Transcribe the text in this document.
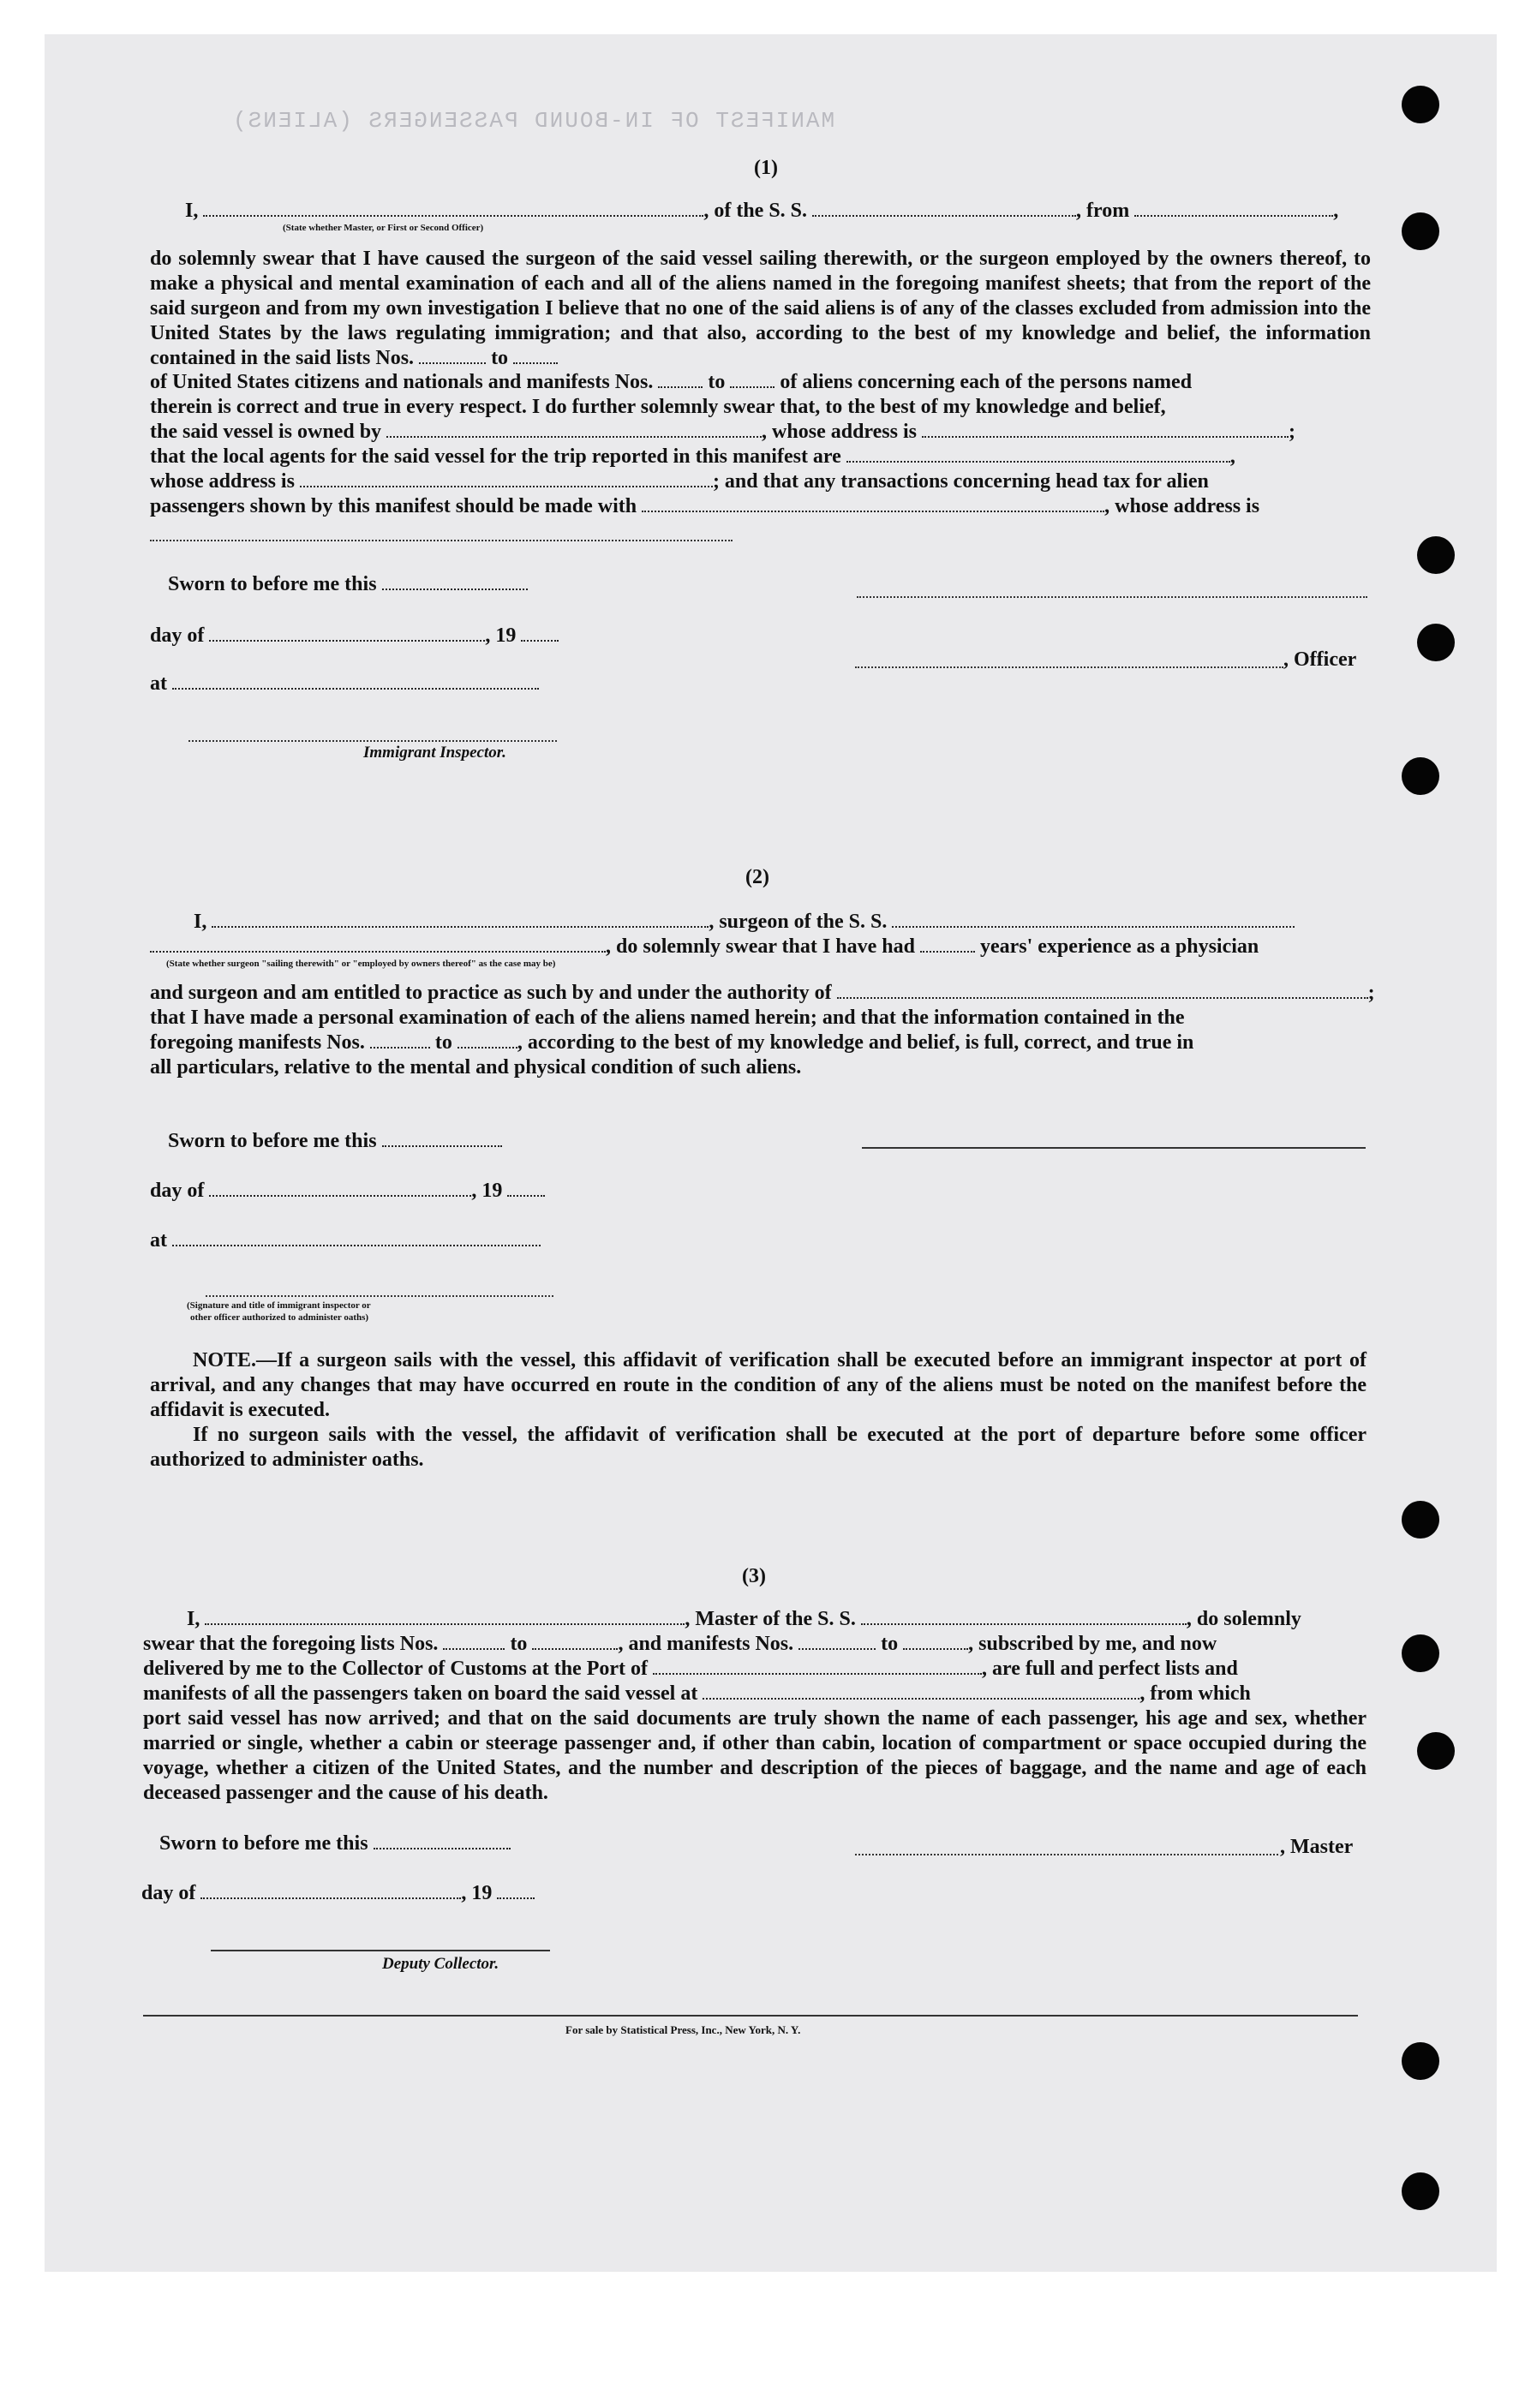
MANIFEST OF IN-BOUND PASSENGERS (ALIENS)
(1)
I,	, of the S. S.	, from	,
(State whether Master, or First or Second Officer)
do solemnly swear that I have caused the surgeon of the said vessel sailing therewith, or the surgeon employed by the owners thereof, to make a physical and mental examination of each and all of the aliens named in the foregoing manifest sheets; that from the report of the said surgeon and from my own investigation I believe that no one of the said aliens is of any of the classes excluded from admission into the United States by the laws regulating immigration; and that also, according to the best of my knowledge and belief, the information contained in the said lists Nos.	to
of United States citizens and nationals and manifests Nos.	to	of aliens concerning each of the persons named
therein is correct and true in every respect. I do further solemnly swear that, to the best of my knowledge and belief,
the said vessel is owned by	, whose address is	;
that the local agents for the said vessel for the trip reported in this manifest are	,
whose address is	; and that any transactions concerning head tax for alien
passengers shown by this manifest should be made with	, whose address is
Sworn to before me this
day of	, 19
at
Immigrant Inspector.
, Officer
(2)
I,	, surgeon of the S. S.
, do solemnly swear that I have had	years' experience as a physician
(State whether surgeon "sailing therewith" or "employed by owners thereof" as the case may be)
and surgeon and am entitled to practice as such by and under the authority of	;
that I have made a personal examination of each of the aliens named herein; and that the information contained in the
foregoing manifests Nos.	to	, according to the best of my knowledge and belief, is full, correct, and true in
all particulars, relative to the mental and physical condition of such aliens.
Sworn to before me this
day of	, 19
at
(Signature and title of immigrant inspector or
other officer authorized to administer oaths)
NOTE.—If a surgeon sails with the vessel, this affidavit of verification shall be executed before an immigrant inspector at port of arrival, and any changes that may have occurred en route in the condition of any of the aliens must be noted on the manifest before the affidavit is executed.
If no surgeon sails with the vessel, the affidavit of verification shall be executed at the port of departure before some officer authorized to administer oaths.
(3)
I,	, Master of the S. S.	, do solemnly
swear that the foregoing lists Nos.	to	, and manifests Nos.	to	, subscribed by me, and now
delivered by me to the Collector of Customs at the Port of	, are full and perfect lists and
manifests of all the passengers taken on board the said vessel at	, from which
port said vessel has now arrived; and that on the said documents are truly shown the name of each passenger, his age and sex, whether married or single, whether a cabin or steerage passenger and, if other than cabin, location of compartment or space occupied during the voyage, whether a citizen of the United States, and the number and description of the pieces of baggage, and the name and age of each deceased passenger and the cause of his death.
Sworn to before me this
day of	, 19
Deputy Collector.
, Master
For sale by Statistical Press, Inc., New York, N. Y.
